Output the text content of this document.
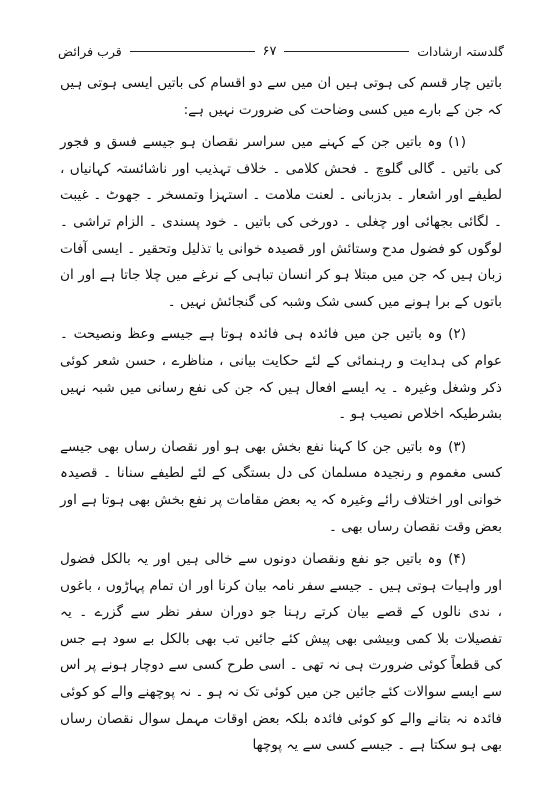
گلدستہ ارشادات
۶۷
قرب فرائض

باتیں چار قسم کی ہوتی ہیں ان میں سے دو اقسام کی باتیں ایسی ہوتی ہیں کہ جن کے بارے میں کسی وضاحت کی ضرورت نہیں ہے:

(۱)وہ باتیں جن کے کہنے میں سراسر نقصان ہو جیسے فسق و فجور کی باتیں ۔ گالی گلوچ ۔ فحش کلامی ۔ خلاف تہذیب اور ناشائستہ کہانیاں ، لطیفے اور اشعار ۔ بدزبانی ۔ لعنت ملامت ۔ استہزا وتمسخر ۔ جھوٹ ۔ غیبت ۔ لگائی بجھائی اور چغلی ۔ دورخی کی باتیں ۔ خود پسندی ۔ الزام تراشی ۔ لوگوں کو فضول مدح وستائش اور قصیدہ خوانی یا تذلیل وتحقیر ۔ ایسی آفات زبان ہیں کہ جن میں مبتلا ہو کر انسان تباہی کے نرغے میں چلا جاتا ہے اور ان باتوں کے برا ہونے میں کسی شک وشبہ کی گنجائش نہیں ۔

(۲)وہ باتیں جن میں فائدہ ہی فائدہ ہوتا ہے جیسے وعظ ونصیحت ۔ عوام کی ہدایت و رہنمائی کے لئے حکایت بیانی ، مناظرے ، حسن شعر کوئی ذکر وشغل وغیرہ ۔ یہ ایسے افعال ہیں کہ جن کی نفع رسانی میں شبہ نہیں بشرطیکہ اخلاص نصیب ہو ۔

(۳)وہ باتیں جن کا کہنا نفع بخش بھی ہو اور نقصان رساں بھی جیسے کسی مغموم و رنجیدہ مسلمان کی دل بستگی کے لئے لطیفے سنانا ۔ قصیدہ خوانی اور اختلاف رائے وغیرہ کہ یہ بعض مقامات پر نفع بخش بھی ہوتا ہے اور بعض وقت نقصان رساں بھی ۔

(۴)وہ باتیں جو نفع ونقصان دونوں سے خالی ہیں اور یہ بالکل فضول اور واہیات ہوتی ہیں ۔ جیسے سفر نامہ بیان کرنا اور ان تمام پہاڑوں ، باغوں ، ندی نالوں کے قصے بیان کرتے رہنا جو دوران سفر نظر سے گزرے ۔ یہ تفصیلات بلا کمی وبیشی بھی پیش کئے جائیں تب بھی بالکل بے سود ہے جس کی قطعاً کوئی ضرورت ہی نہ تھی ۔ اسی طرح کسی سے دوچار ہونے پر اس سے ایسے سوالات کئے جائیں جن میں کوئی تک نہ ہو ۔ نہ پوچھنے والے کو کوئی فائدہ نہ بتانے والے کو کوئی فائدہ بلکہ بعض اوقات مہمل سوال نقصان رساں بھی ہو سکتا ہے ۔ جیسے کسی سے یہ پوچھا
